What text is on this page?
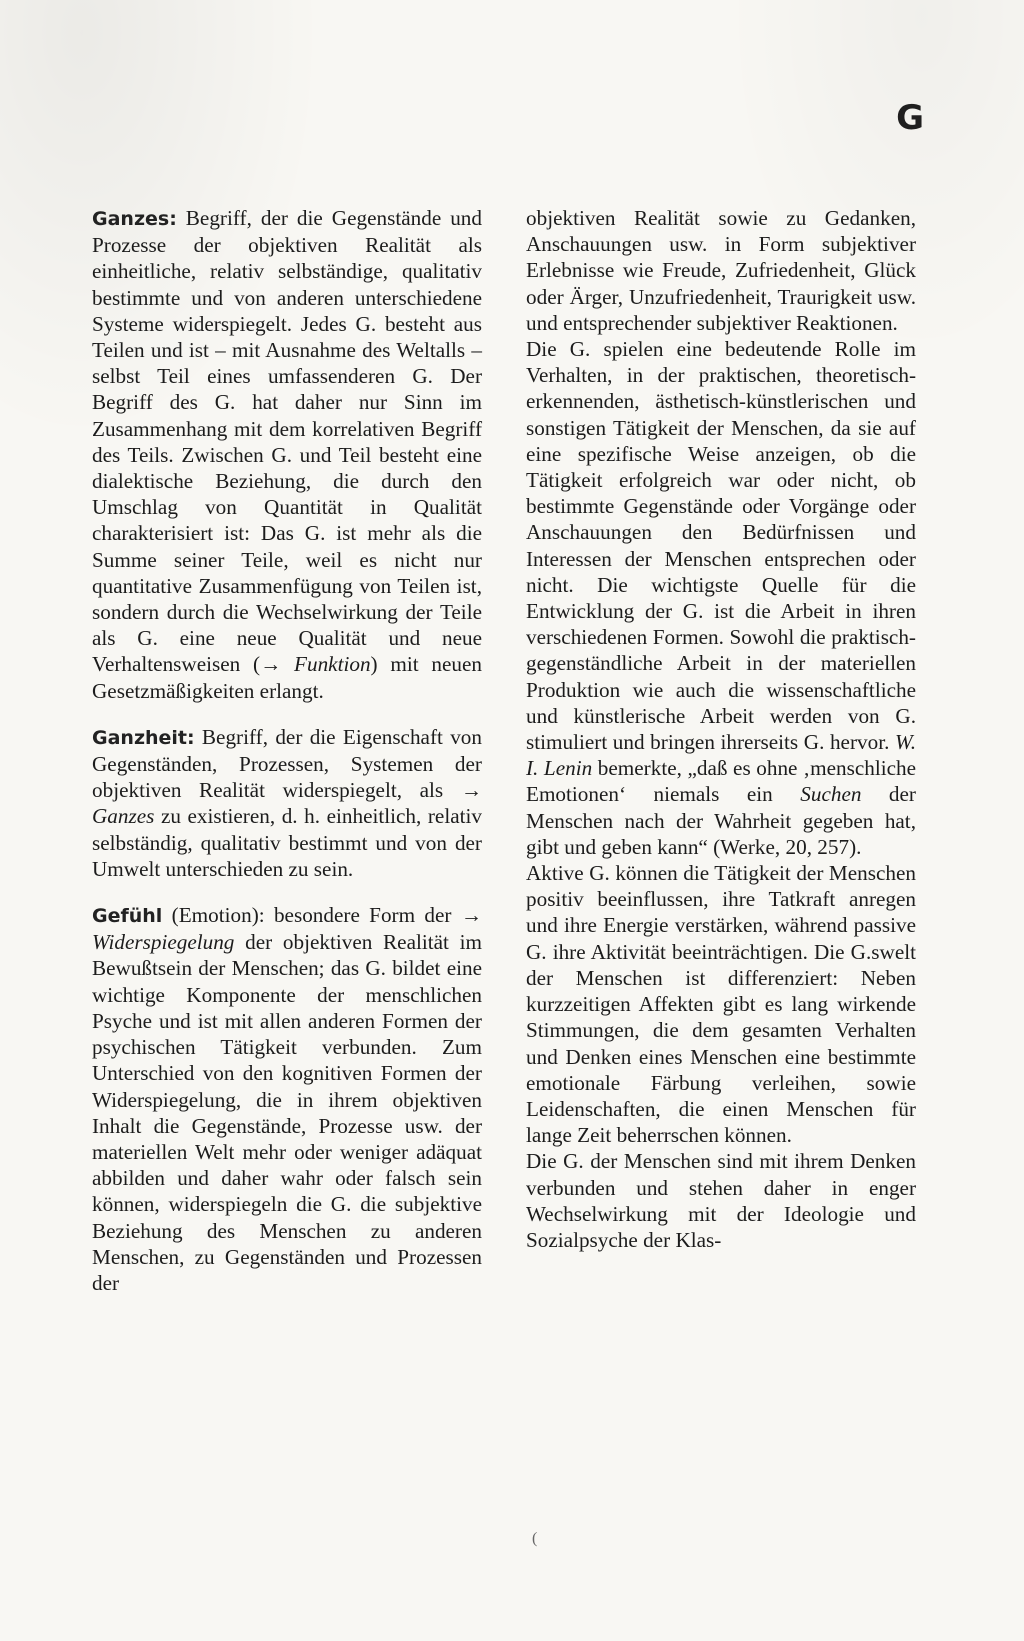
G

Ganzes: Begriff, der die Gegenstände und Prozesse der objektiven Realität als einheitliche, relativ selbständige, qualitativ bestimmte und von anderen unterschiedene Systeme widerspiegelt. Jedes G. besteht aus Teilen und ist – mit Ausnahme des Weltalls – selbst Teil eines umfassenderen G. Der Begriff des G. hat daher nur Sinn im Zusammenhang mit dem korrelativen Begriff des Teils. Zwischen G. und Teil besteht eine dialektische Beziehung, die durch den Umschlag von Quantität in Qualität charakterisiert ist: Das G. ist mehr als die Summe seiner Teile, weil es nicht nur quantitative Zusammenfügung von Teilen ist, sondern durch die Wechselwirkung der Teile als G. eine neue Qualität und neue Verhaltensweisen (→ Funktion) mit neuen Gesetzmäßigkeiten erlangt.

Ganzheit: Begriff, der die Eigenschaft von Gegenständen, Prozessen, Systemen der objektiven Realität widerspiegelt, als → Ganzes zu existieren, d. h. einheitlich, relativ selbständig, qualitativ bestimmt und von der Umwelt unterschieden zu sein.

Gefühl (Emotion): besondere Form der → Widerspiegelung der objektiven Realität im Bewußtsein der Menschen; das G. bildet eine wichtige Komponente der menschlichen Psyche und ist mit allen anderen Formen der psychischen Tätigkeit verbunden. Zum Unterschied von den kognitiven Formen der Widerspiegelung, die in ihrem objektiven Inhalt die Gegenstände, Prozesse usw. der materiellen Welt mehr oder weniger adäquat abbilden und daher wahr oder falsch sein können, widerspiegeln die G. die subjektive Beziehung des Menschen zu anderen Menschen, zu Gegenständen und Prozessen der

objektiven Realität sowie zu Gedanken, Anschauungen usw. in Form subjektiver Erlebnisse wie Freude, Zufriedenheit, Glück oder Ärger, Unzufriedenheit, Traurigkeit usw. und entsprechender subjektiver Reaktionen.

Die G. spielen eine bedeutende Rolle im Verhalten, in der praktischen, theoretisch-erkennenden, ästhetisch-künstlerischen und sonstigen Tätigkeit der Menschen, da sie auf eine spezifische Weise anzeigen, ob die Tätigkeit erfolgreich war oder nicht, ob bestimmte Gegenstände oder Vorgänge oder Anschauungen den Bedürfnissen und Interessen der Menschen entsprechen oder nicht. Die wichtigste Quelle für die Entwicklung der G. ist die Arbeit in ihren verschiedenen Formen. Sowohl die praktisch-gegenständliche Arbeit in der materiellen Produktion wie auch die wissenschaftliche und künstlerische Arbeit werden von G. stimuliert und bringen ihrerseits G. hervor. W. I. Lenin bemerkte, „daß es ohne ‚menschliche Emotionen‘ niemals ein Suchen der Menschen nach der Wahrheit gegeben hat, gibt und geben kann“ (Werke, 20, 257).

Aktive G. können die Tätigkeit der Menschen positiv beeinflussen, ihre Tatkraft anregen und ihre Energie verstärken, während passive G. ihre Aktivität beeinträchtigen. Die G.swelt der Menschen ist differenziert: Neben kurzzeitigen Affekten gibt es lang wirkende Stimmungen, die dem gesamten Verhalten und Denken eines Menschen eine bestimmte emotionale Färbung verleihen, sowie Leidenschaften, die einen Menschen für lange Zeit beherrschen können.

Die G. der Menschen sind mit ihrem Denken verbunden und stehen daher in enger Wechselwirkung mit der Ideologie und Sozialpsyche der Klas-

(
